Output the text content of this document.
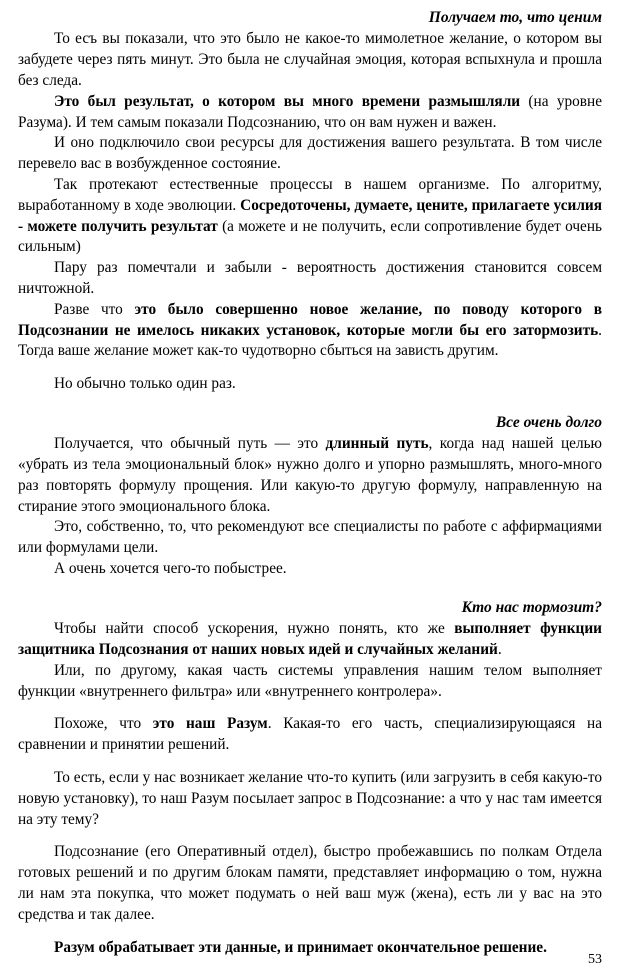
Получаем то, что ценим

То есъ вы показали, что это было не какое-то мимолетное желание, о котором вы забудете через пять минут. Это была не случайная эмоция, которая вспыхнула и прошла без следа.

Это был результат, о котором вы много времени размышляли (на уровне Разума). И тем самым показали Подсознанию, что он вам нужен и важен.

И оно подключило свои ресурсы для достижения вашего результата. В том числе перевело вас в возбужденное состояние.

Так протекают естественные процессы в нашем организме. По алгоритму, выработанному в ходе эволюции. Сосредоточены, думаете, цените, прилагаете усилия - можете получить результат (а можете и не получить, если сопротивление будет очень сильным)

Пару раз помечтали и забыли - вероятность достижения становится совсем ничтожной.

Разве что это было совершенно новое желание, по поводу которого в Подсознании не имелось никаких установок, которые могли бы его затормозить. Тогда ваше желание может как-то чудотворно сбыться на зависть другим.

Но обычно только один раз.

Все очень долго

Получается, что обычный путь — это длинный путь, когда над нашей целью «убрать из тела эмоциональный блок» нужно долго и упорно размышлять, много-много раз повторять формулу прощения. Или какую-то другую формулу, направленную на стирание этого эмоционального блока.

Это, собственно, то, что рекомендуют все специалисты по работе с аффирмациями или формулами цели.

А очень хочется чего-то побыстрее.

Кто нас тормозит?

Чтобы найти способ ускорения, нужно понять, кто же выполняет функции защитника Подсознания от наших новых идей и случайных желаний.

Или, по другому, какая часть системы управления нашим телом выполняет функции «внутреннего фильтра» или «внутреннего контролера».

Похоже, что это наш Разум. Какая-то его часть, специализирующаяся на сравнении и принятии решений.

То есть, если у нас возникает желание что-то купить (или загрузить в себя какую-то новую установку), то наш Разум посылает запрос в Подсознание: а что у нас там имеется на эту тему?

Подсознание (его Оперативный отдел), быстро пробежавшись по полкам Отдела готовых решений и по другим блокам памяти, представляет информацию о том, нужна ли нам эта покупка, что может подумать о ней ваш муж (жена), есть ли у вас на это средства и так далее.

Разум обрабатывает эти данные, и принимает окончательное решение.

53
